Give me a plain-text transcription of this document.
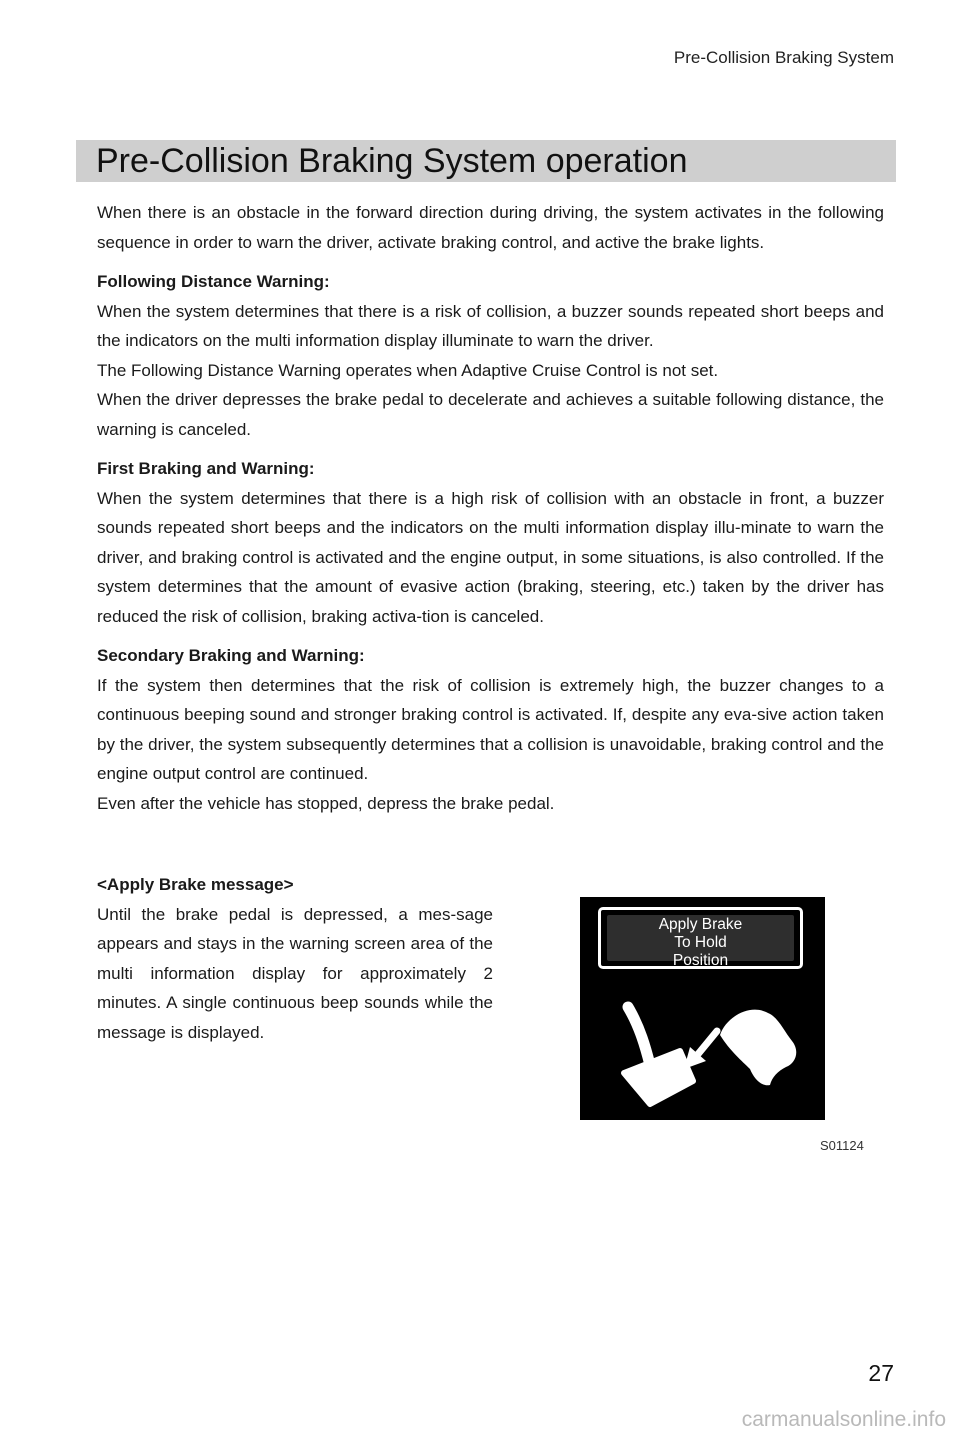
Pre-Collision Braking System
Pre-Collision Braking System operation

When there is an obstacle in the forward direction during driving, the system activates in the following sequence in order to warn the driver, activate braking control, and active the brake lights.

Following Distance Warning:
When the system determines that there is a risk of collision, a buzzer sounds repeated short beeps and the indicators on the multi information display illuminate to warn the driver.
The Following Distance Warning operates when Adaptive Cruise Control is not set.
When the driver depresses the brake pedal to decelerate and achieves a suitable following distance, the warning is canceled.

First Braking and Warning:
When the system determines that there is a high risk of collision with an obstacle in front, a buzzer sounds repeated short beeps and the indicators on the multi information display illu-minate to warn the driver, and braking control is activated and the engine output, in some situations, is also controlled. If the system determines that the amount of evasive action (braking, steering, etc.) taken by the driver has reduced the risk of collision, braking activa-tion is canceled.

Secondary Braking and Warning:
If the system then determines that the risk of collision is extremely high, the buzzer changes to a continuous beeping sound and stronger braking control is activated. If, despite any eva-sive action taken by the driver, the system subsequently determines that a collision is unavoidable, braking control and the engine output control are continued.
Even after the vehicle has stopped, depress the brake pedal.

<Apply Brake message>

Until the brake pedal is depressed, a mes-sage appears and stays in the warning screen area of the multi information display for approximately 2 minutes. A single continuous beep sounds while the message is displayed.

Apply Brake
To Hold
Position
S01124
27
carmanualsonline.info
